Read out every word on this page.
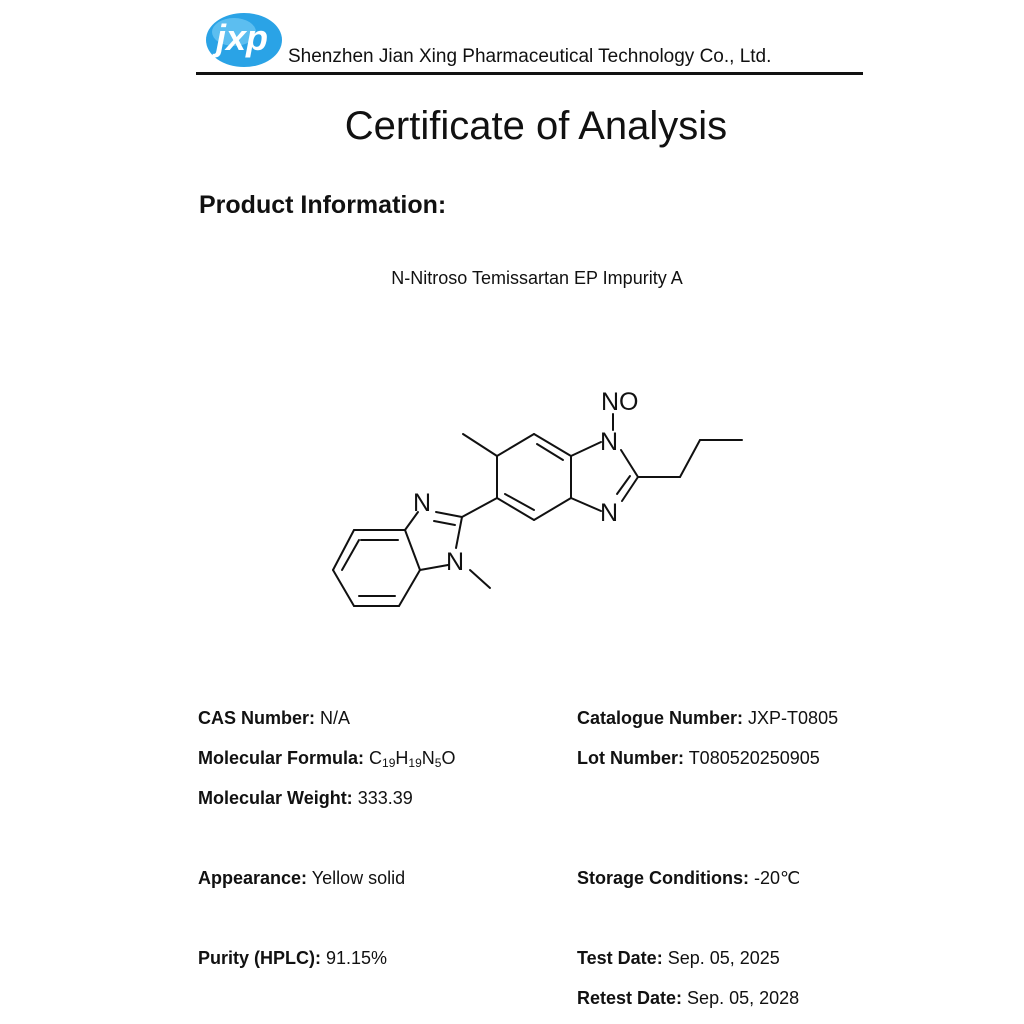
jxp Shenzhen Jian Xing Pharmaceutical Technology Co., Ltd.
Certificate of Analysis
Product Information:
N-Nitroso Temissartan EP Impurity A
N
N
N
N
NO
CAS Number: N/A	Catalogue Number: JXP-T0805
Molecular Formula: $C_{19}H_{19}N_5O$	Lot Number: T080520250905
Molecular Weight: 333.39
Appearance: Yellow solid	Storage Conditions: -20℃
Purity (HPLC): 91.15%	Test Date: Sep. 05, 2025
Retest Date: Sep. 05, 2028
